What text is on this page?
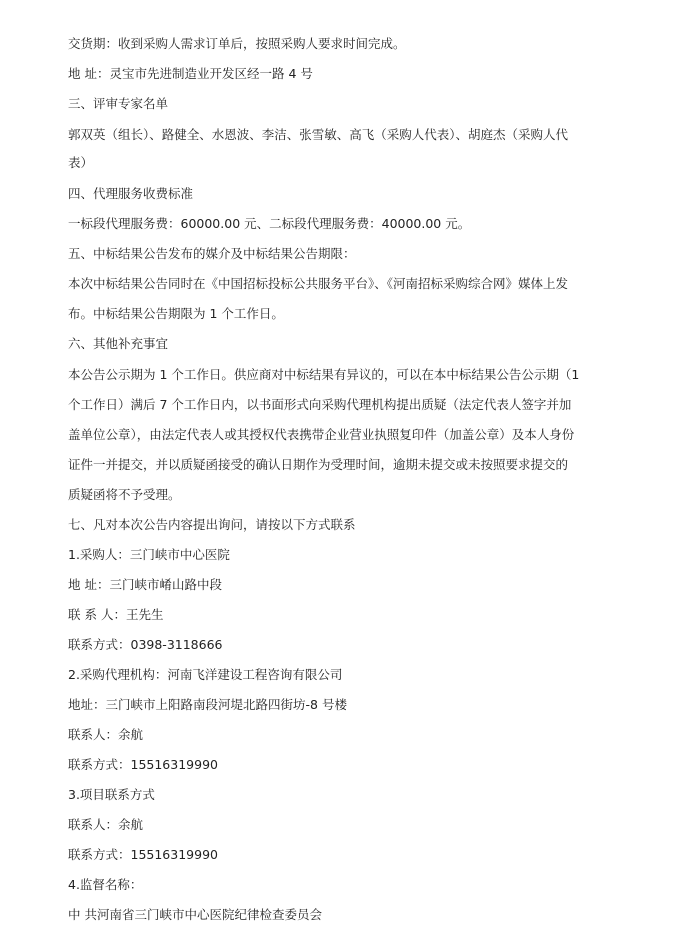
交货期：收到采购人需求订单后，按照采购人要求时间完成。
地 址：灵宝市先进制造业开发区经一路 4 号
三、评审专家名单
郭双英（组长）、路健全、水恩波、李洁、张雪敏、高飞（采购人代表）、胡庭杰（采购人代
表）
四、代理服务收费标准
一标段代理服务费：60000.00 元、二标段代理服务费：40000.00 元。
五、中标结果公告发布的媒介及中标结果公告期限：
本次中标结果公告同时在《中国招标投标公共服务平台》、《河南招标采购综合网》媒体上发
布。中标结果公告期限为 1 个工作日。
六、其他补充事宜
本公告公示期为 1 个工作日。供应商对中标结果有异议的，可以在本中标结果公告公示期（1
个工作日）满后 7 个工作日内，以书面形式向采购代理机构提出质疑（法定代表人签字并加
盖单位公章），由法定代表人或其授权代表携带企业营业执照复印件（加盖公章）及本人身份
证件一并提交，并以质疑函接受的确认日期作为受理时间，逾期未提交或未按照要求提交的
质疑函将不予受理。
七、凡对本次公告内容提出询问，请按以下方式联系
1.采购人：三门峡市中心医院
地 址：三门峡市崤山路中段
联 系 人：王先生
联系方式：0398-3118666
2.采购代理机构：河南飞洋建设工程咨询有限公司
地址：三门峡市上阳路南段河堤北路四街坊-8 号楼
联系人：余航
联系方式：15516319990
3.项目联系方式
联系人：余航
联系方式：15516319990
4.监督名称：
中 共河南省三门峡市中心医院纪律检查委员会
